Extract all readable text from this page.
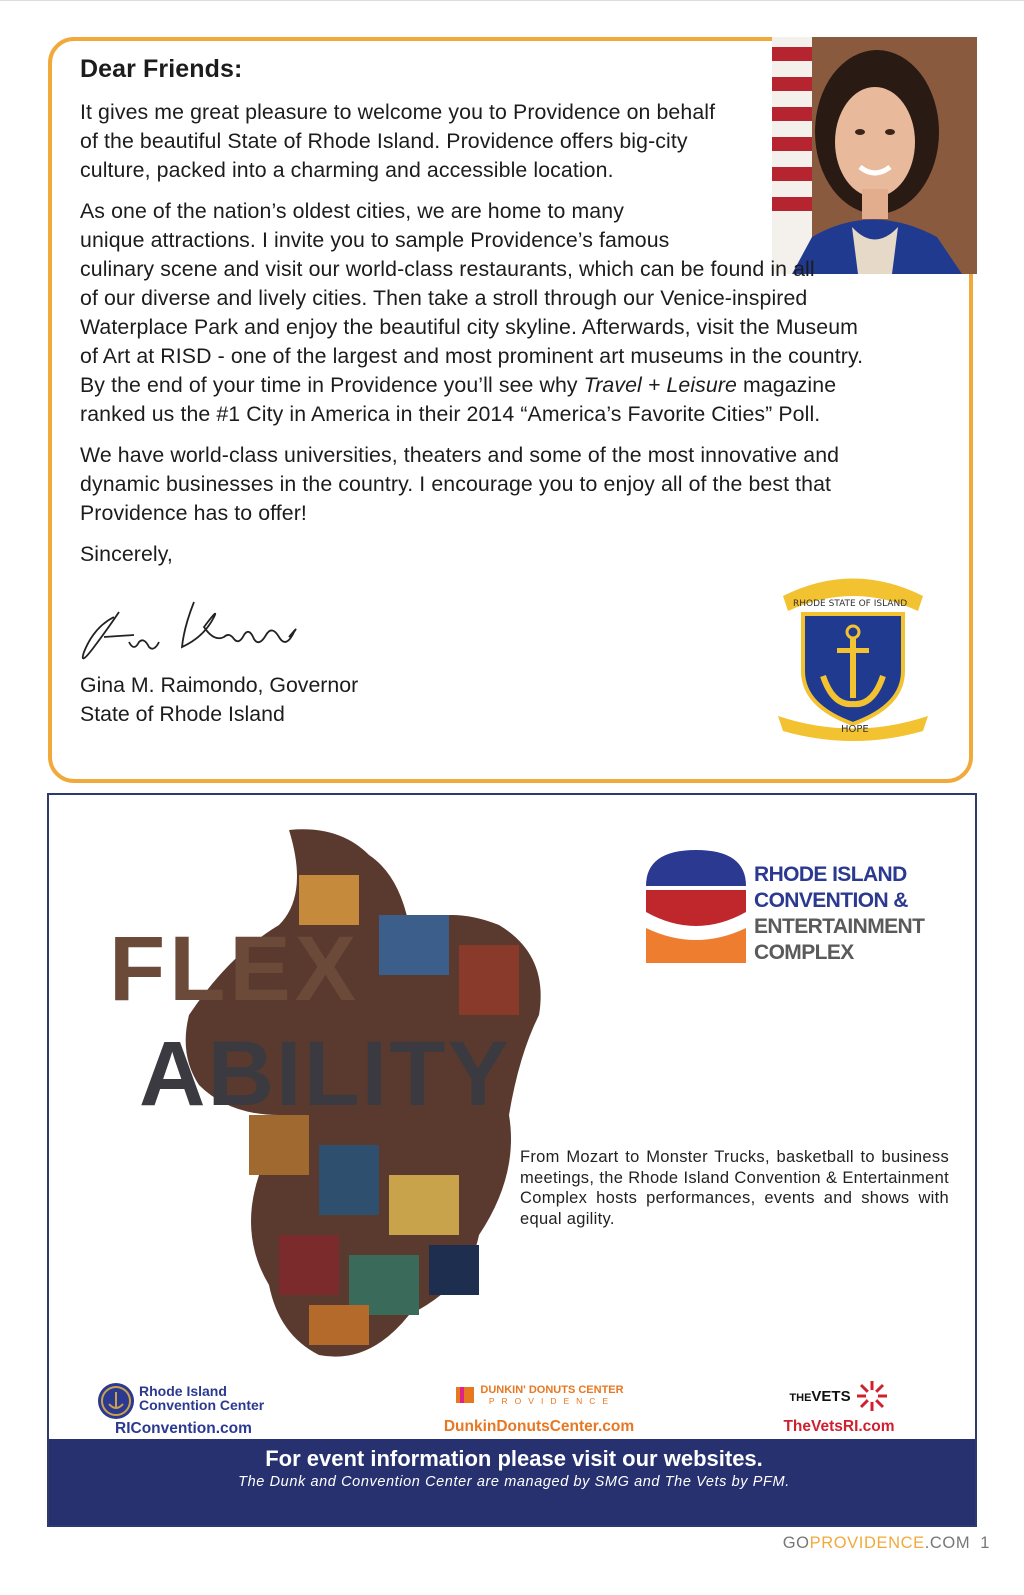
Dear Friends:

It gives me great pleasure to welcome you to Providence on behalf of the beautiful State of Rhode Island. Providence offers big-city culture, packed into a charming and accessible location.

As one of the nation’s oldest cities, we are home to many
unique attractions. I invite you to sample Providence’s famous
culinary scene and visit our world-class restaurants, which can be found in all
of our diverse and lively cities. Then take a stroll through our Venice-inspired
Waterplace Park and enjoy the beautiful city skyline. Afterwards, visit the Museum
of Art at RISD - one of the largest and most prominent art museums in the country.
By the end of your time in Providence you’ll see why Travel + Leisure magazine
ranked us the #1 City in America in their 2014 “America’s Favorite Cities” Poll.

We have world-class universities, theaters and some of the most innovative and dynamic businesses in the country. I encourage you to enjoy all of the best that Providence has to offer!

Sincerely,

Gina M. Raimondo, Governor
State of Rhode Island
RHODE STATE OF ISLAND
HOPE
FLEX
ABILITY
RHODE ISLAND
CONVENTION &
ENTERTAINMENT
COMPLEX
From Mozart to Monster Trucks, basketball to business meetings, the Rhode Island Convention & Entertainment Complex hosts performances, events and shows with equal agility.
Rhode Island
Convention Center
RIConvention.com
DUNKIN' DONUTS CENTER
PROVIDENCE
DunkinDonutsCenter.com
THEVETS
TheVetsRI.com
For event information please visit our websites.
The Dunk and Convention Center are managed by SMG and The Vets by PFM.
GOPROVIDENCE.COM 1
